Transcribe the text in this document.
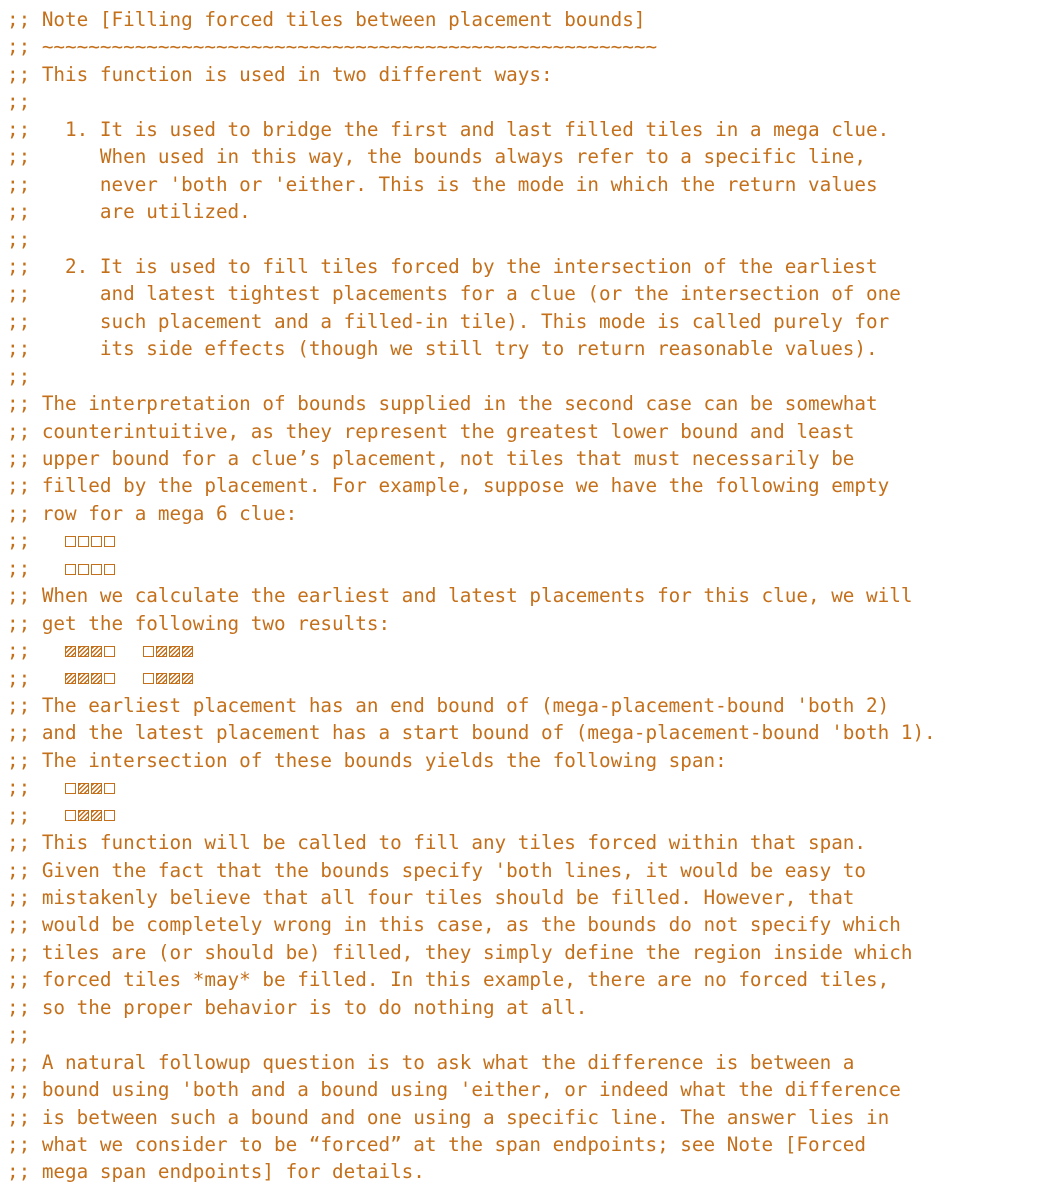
;; Note [Filling forced tiles between placement bounds]
;; ~~~~~~~~~~~~~~~~~~~~~~~~~~~~~~~~~~~~~~~~~~~~~~~~~~~~~
;; This function is used in two different ways:
;;
;;   1. It is used to bridge the first and last filled tiles in a mega clue.
;;      When used in this way, the bounds always refer to a specific line,
;;      never 'both or 'either. This is the mode in which the return values
;;      are utilized.
;;
;;   2. It is used to fill tiles forced by the intersection of the earliest
;;      and latest tightest placements for a clue (or the intersection of one
;;      such placement and a filled-in tile). This mode is called purely for
;;      its side effects (though we still try to return reasonable values).
;;
;; The interpretation of bounds supplied in the second case can be somewhat
;; counterintuitive, as they represent the greatest lower bound and least
;; upper bound for a clue’s placement, not tiles that must necessarily be
;; filled by the placement. For example, suppose we have the following empty
;; row for a mega 6 clue:
;;
;;
;; When we calculate the earliest and latest placements for this clue, we will
;; get the following two results:
;;
;;
;; The earliest placement has an end bound of (mega-placement-bound 'both 2)
;; and the latest placement has a start bound of (mega-placement-bound 'both 1).
;; The intersection of these bounds yields the following span:
;;
;;
;; This function will be called to fill any tiles forced within that span.
;; Given the fact that the bounds specify 'both lines, it would be easy to
;; mistakenly believe that all four tiles should be filled. However, that
;; would be completely wrong in this case, as the bounds do not specify which
;; tiles are (or should be) filled, they simply define the region inside which
;; forced tiles *may* be filled. In this example, there are no forced tiles,
;; so the proper behavior is to do nothing at all.
;;
;; A natural followup question is to ask what the difference is between a
;; bound using 'both and a bound using 'either, or indeed what the difference
;; is between such a bound and one using a specific line. The answer lies in
;; what we consider to be “forced” at the span endpoints; see Note [Forced
;; mega span endpoints] for details.
